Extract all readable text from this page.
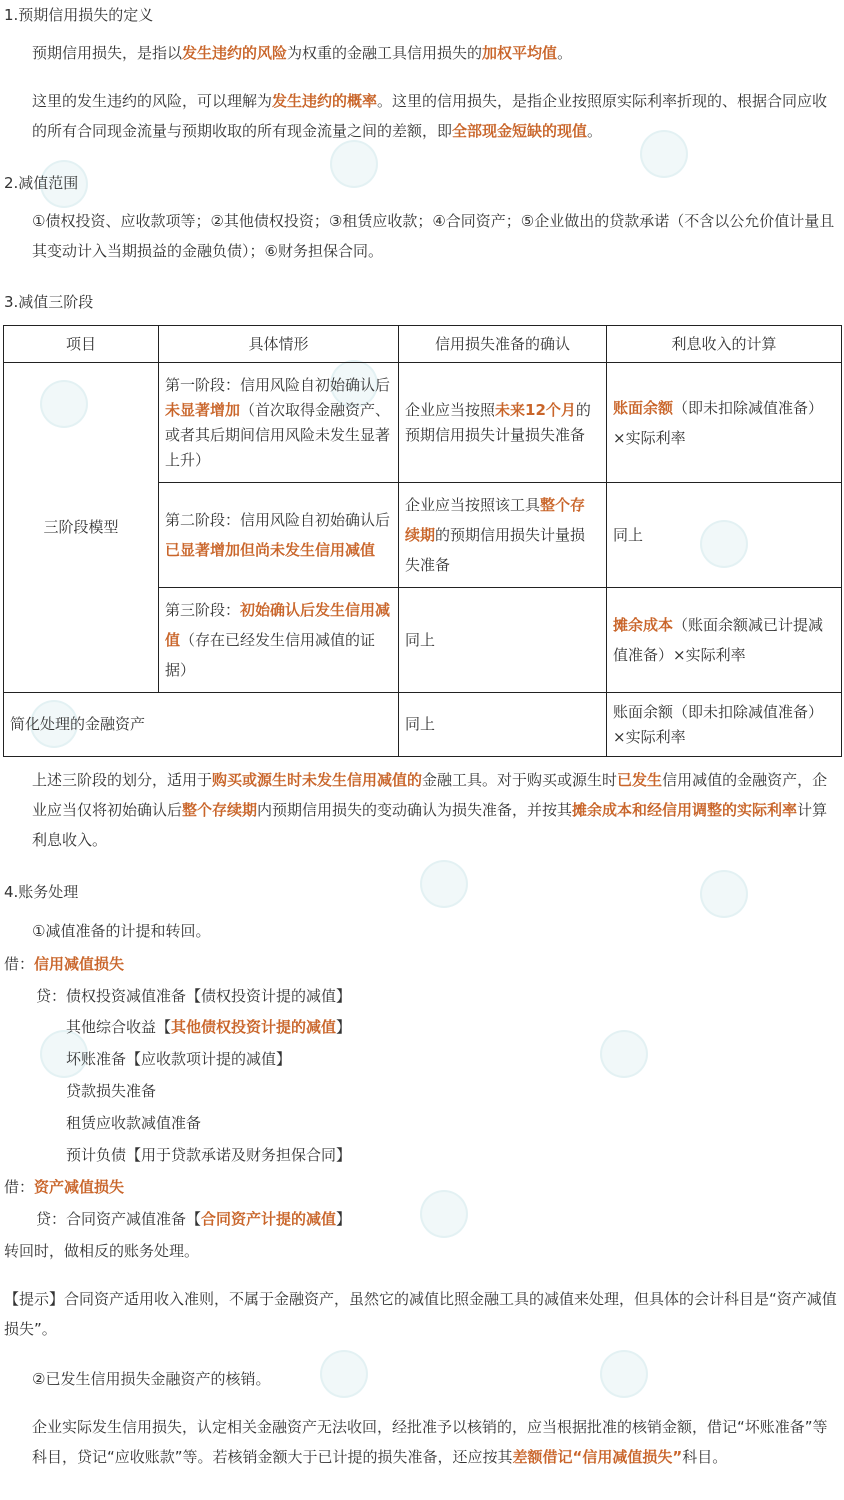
1.预期信用损失的定义
预期信用损失，是指以发生违约的风险为权重的金融工具信用损失的加权平均值。
这里的发生违约的风险，可以理解为发生违约的概率。这里的信用损失，是指企业按照原实际利率折现的、根据合同应收的所有合同现金流量与预期收取的所有现金流量之间的差额，即全部现金短缺的现值。
2.减值范围
①债权投资、应收款项等；②其他债权投资；③租赁应收款；④合同资产；⑤企业做出的贷款承诺（不含以公允价值计量且其变动计入当期损益的金融负债）；⑥财务担保合同。
3.减值三阶段
项目	具体情形	信用损失准备的确认	利息收入的计算
三阶段模型	第一阶段：信用风险自初始确认后未显著增加（首次取得金融资产、或者其后期间信用风险未发生显著上升）	企业应当按照未来12个月的预期信用损失计量损失准备	账面余额（即未扣除减值准备）×实际利率
	第二阶段：信用风险自初始确认后已显著增加但尚未发生信用减值	企业应当按照该工具整个存续期的预期信用损失计量损失准备	同上
	第三阶段：初始确认后发生信用减值（存在已经发生信用减值的证据）	同上	摊余成本（账面余额减已计提减值准备）×实际利率
简化处理的金融资产		同上	账面余额（即未扣除减值准备）×实际利率
上述三阶段的划分，适用于购买或源生时未发生信用减值的金融工具。对于购买或源生时已发生信用减值的金融资产，企业应当仅将初始确认后整个存续期内预期信用损失的变动确认为损失准备，并按其摊余成本和经信用调整的实际利率计算利息收入。
4.账务处理
①减值准备的计提和转回。
借：信用减值损失
贷：债权投资减值准备【债权投资计提的减值】
其他综合收益【其他债权投资计提的减值】
坏账准备【应收款项计提的减值】
贷款损失准备
租赁应收款减值准备
预计负债【用于贷款承诺及财务担保合同】
借：资产减值损失
贷：合同资产减值准备【合同资产计提的减值】
转回时，做相反的账务处理。
【提示】合同资产适用收入准则，不属于金融资产，虽然它的减值比照金融工具的减值来处理，但具体的会计科目是“资产减值损失”。
②已发生信用损失金融资产的核销。
企业实际发生信用损失，认定相关金融资产无法收回，经批准予以核销的，应当根据批准的核销金额，借记“坏账准备”等科目，贷记“应收账款”等。若核销金额大于已计提的损失准备，还应按其差额借记“信用减值损失”科目。
